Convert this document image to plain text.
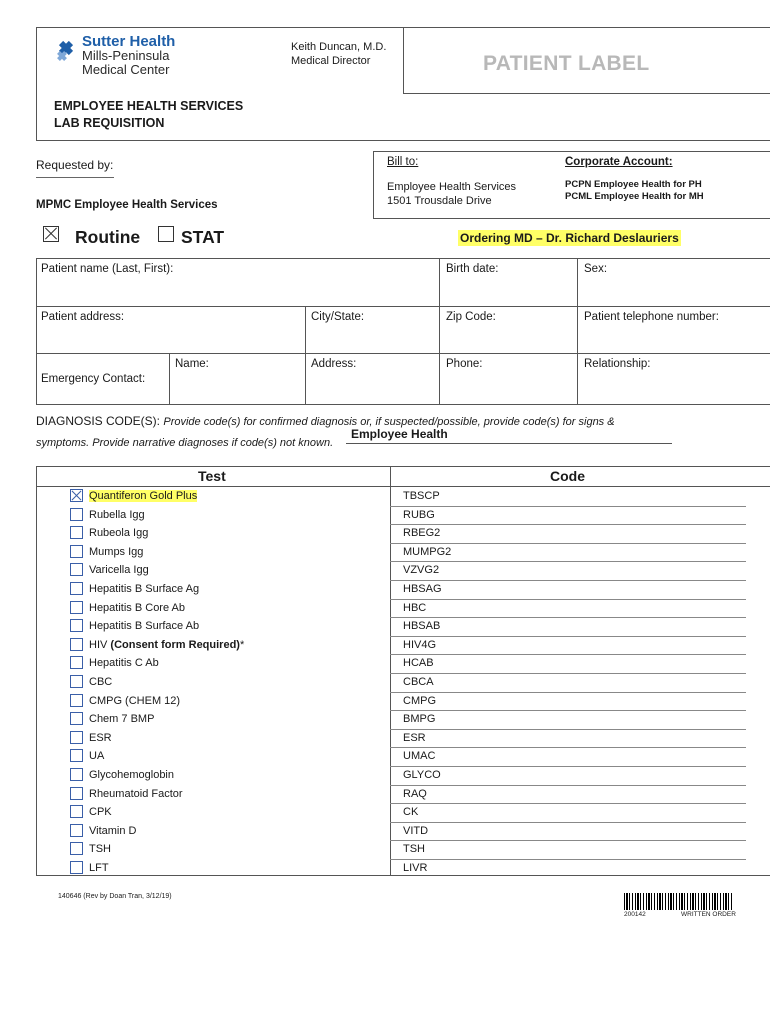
Sutter Health
Mills-Peninsula
Medical Center
Keith Duncan, M.D.
Medical Director	PATIENT LABEL
EMPLOYEE HEALTH SERVICES
LAB REQUISITION
Requested by:
MPMC Employee Health Services
Bill to:
Employee Health Services
1501 Trousdale Drive
Corporate Account:
PCPN Employee Health for PH
PCML Employee Health for MH
Routine STAT	Ordering MD – Dr. Richard Deslauriers
Patient name (Last, First):	Birth date:	Sex:
Patient address:	City/State:	Zip Code:	Patient telephone number:
Emergency Contact:
Name:	Address:	Phone:	Relationship:
DIAGNOSIS CODE(S): Provide code(s) for confirmed diagnosis or, if suspected/possible, provide code(s) for signs &
symptoms. Provide narrative diagnoses if code(s) not known.
Employee Health
Test	Code
Quantiferon Gold Plus	TBSCP
Rubella Igg	RUBG
Rubeola Igg	RBEG2
Mumps Igg	MUMPG2
Varicella Igg	VZVG2
Hepatitis B Surface Ag	HBSAG
Hepatitis B Core Ab	HBC
Hepatitis B Surface Ab	HBSAB
HIV (Consent form Required)*	HIV4G
Hepatitis C Ab	HCAB
CBC	CBCA
CMPG (CHEM 12)	CMPG
Chem 7 BMP	BMPG
ESR	ESR
UA	UMAC
Glycohemoglobin	GLYCO
Rheumatoid Factor	RAQ
CPK	CK
Vitamin D	VITD
TSH	TSH
LFT	LIVR
140646 (Rev by Doan Tran, 3/12/19)
200142	WRITTEN ORDER
